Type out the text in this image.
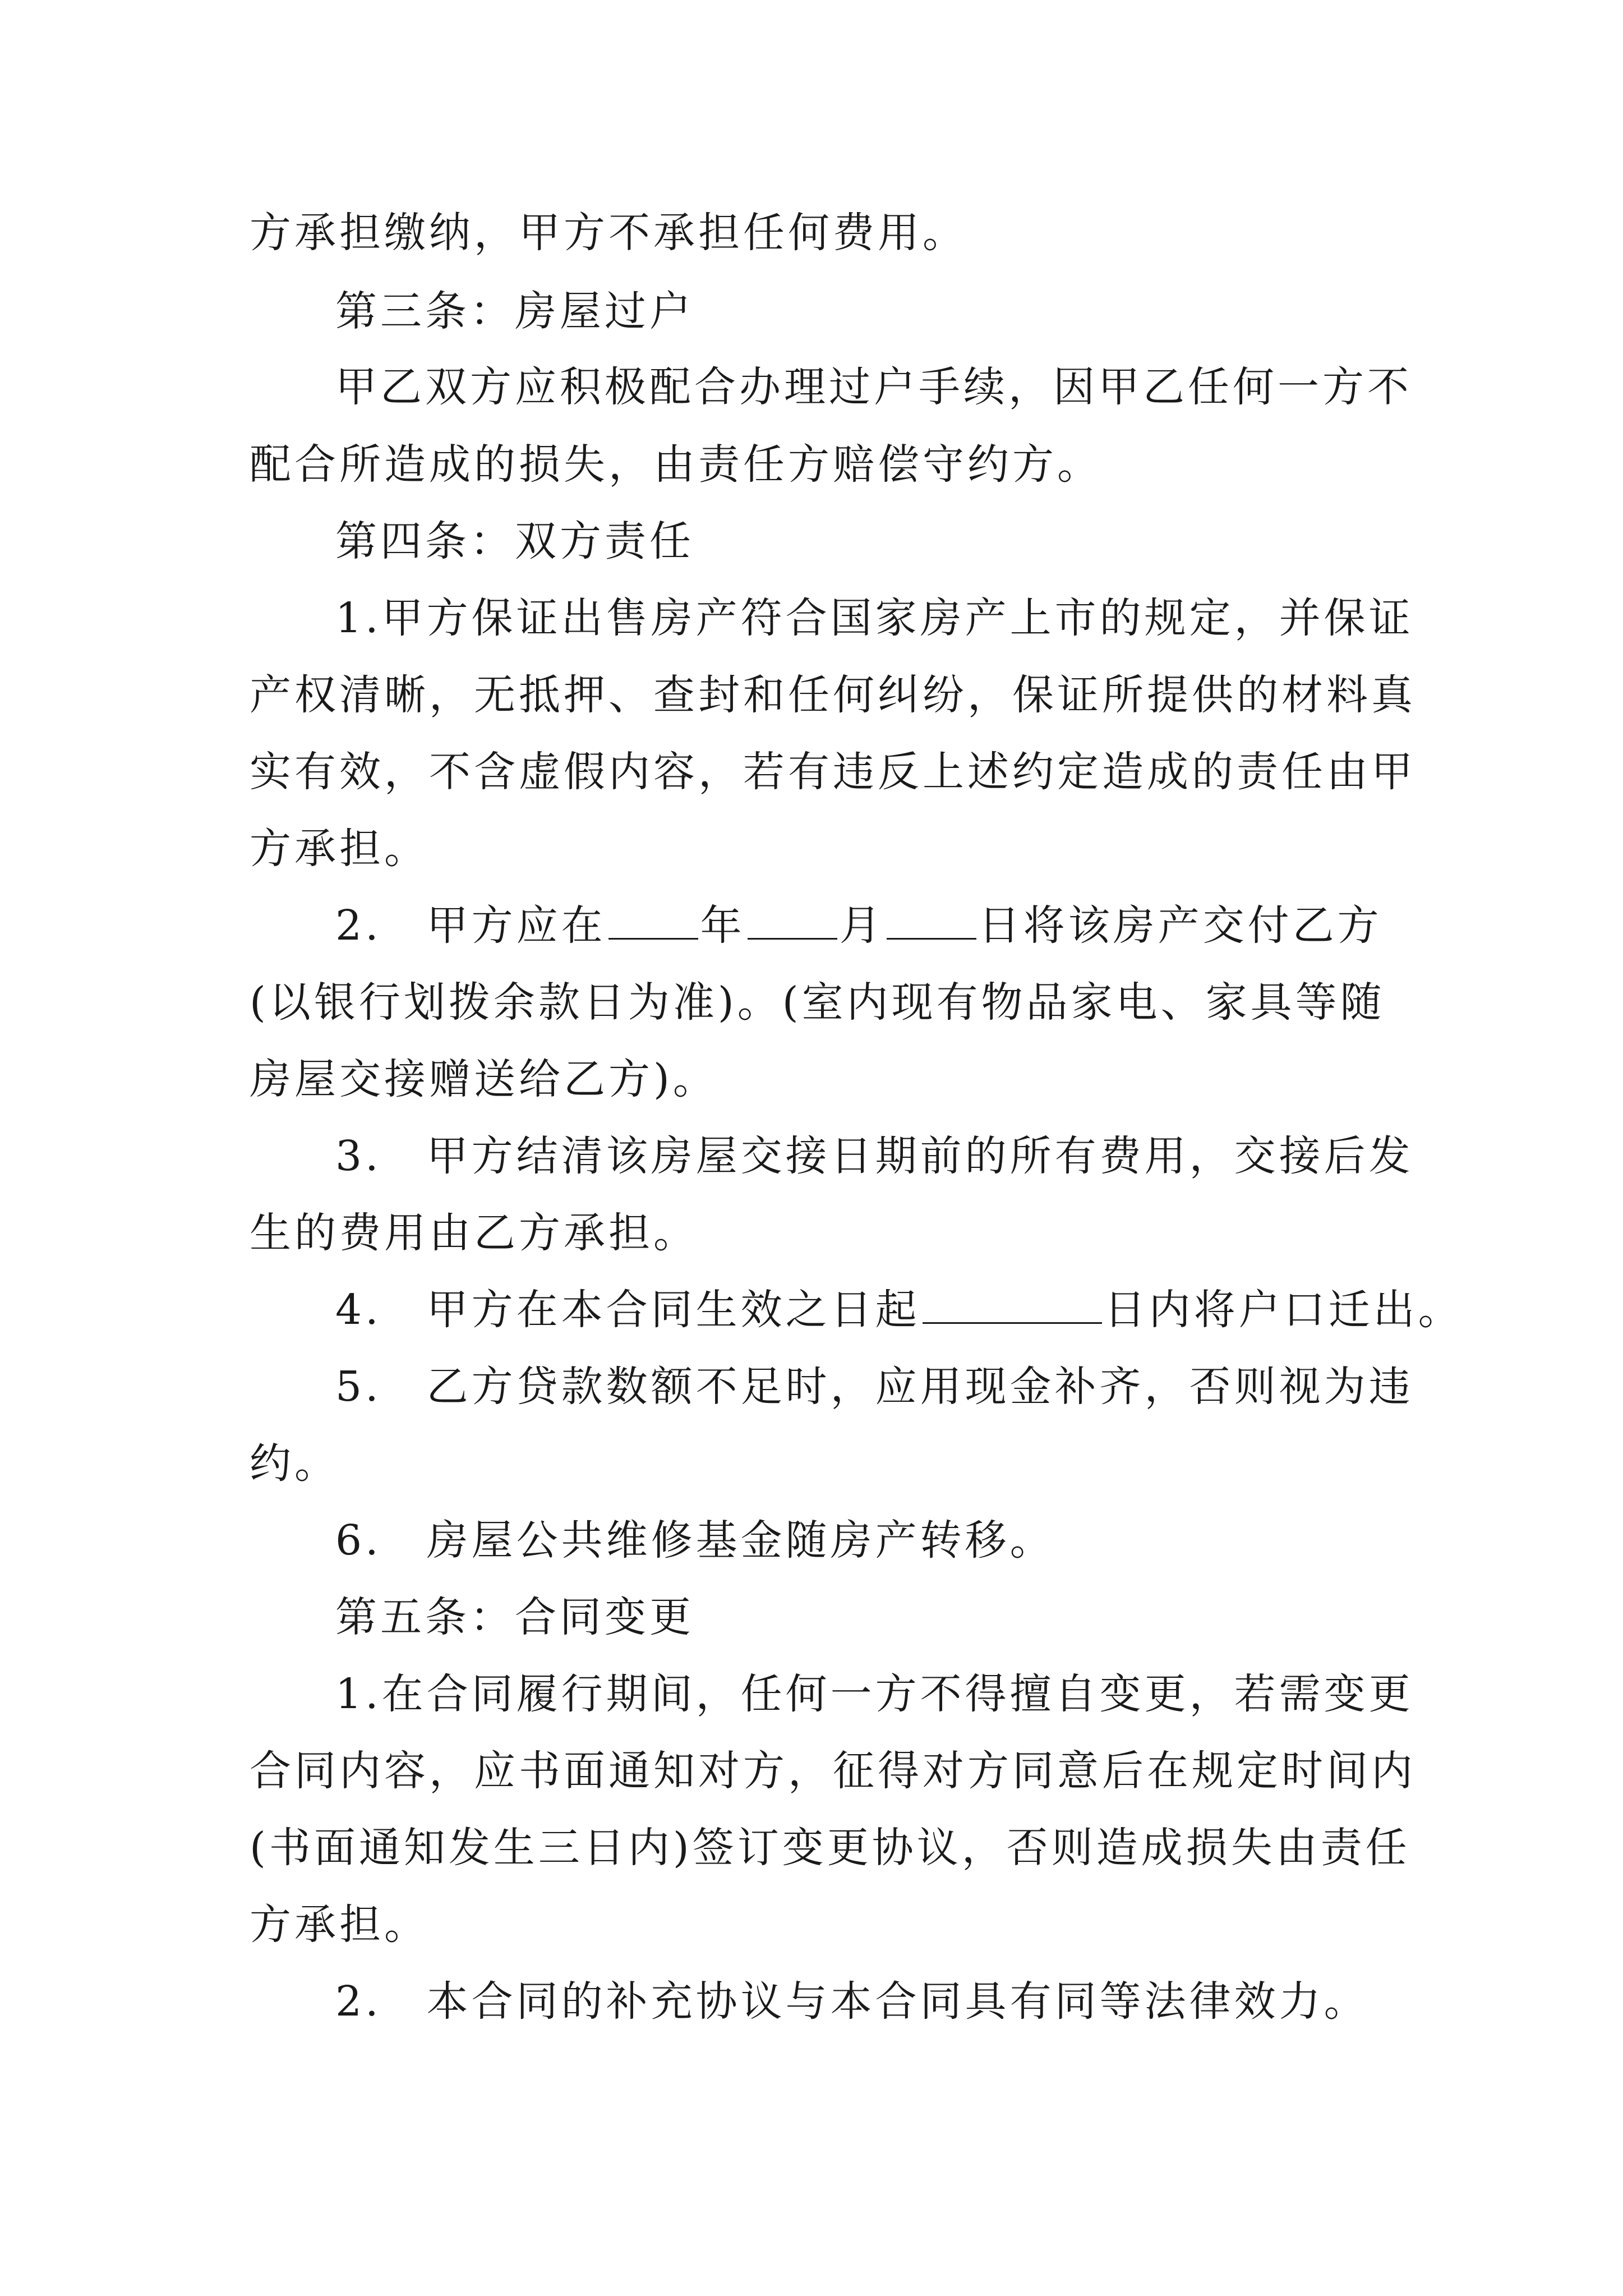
方承担缴纳，甲方不承担任何费用。
第三条：房屋过户
甲乙双方应积极配合办理过户手续，因甲乙任何一方不
配合所造成的损失，由责任方赔偿守约方。
第四条：双方责任
1.甲方保证出售房产符合国家房产上市的规定，并保证
产权清晰，无抵押、查封和任何纠纷，保证所提供的材料真
实有效，不含虚假内容，若有违反上述约定造成的责任由甲
方承担。
2.　甲方应在 年 月 日将该房产交付乙方
(以银行划拨余款日为准)。(室内现有物品家电、家具等随
房屋交接赠送给乙方)。
3.　甲方结清该房屋交接日期前的所有费用，交接后发
生的费用由乙方承担。
4.　甲方在本合同生效之日起	日内将户口迁出。
5.　乙方贷款数额不足时，应用现金补齐，否则视为违
约。
6.　房屋公共维修基金随房产转移。
第五条：合同变更
1.在合同履行期间，任何一方不得擅自变更，若需变更
合同内容，应书面通知对方，征得对方同意后在规定时间内
(书面通知发生三日内)签订变更协议，否则造成损失由责任
方承担。
2.　本合同的补充协议与本合同具有同等法律效力。
